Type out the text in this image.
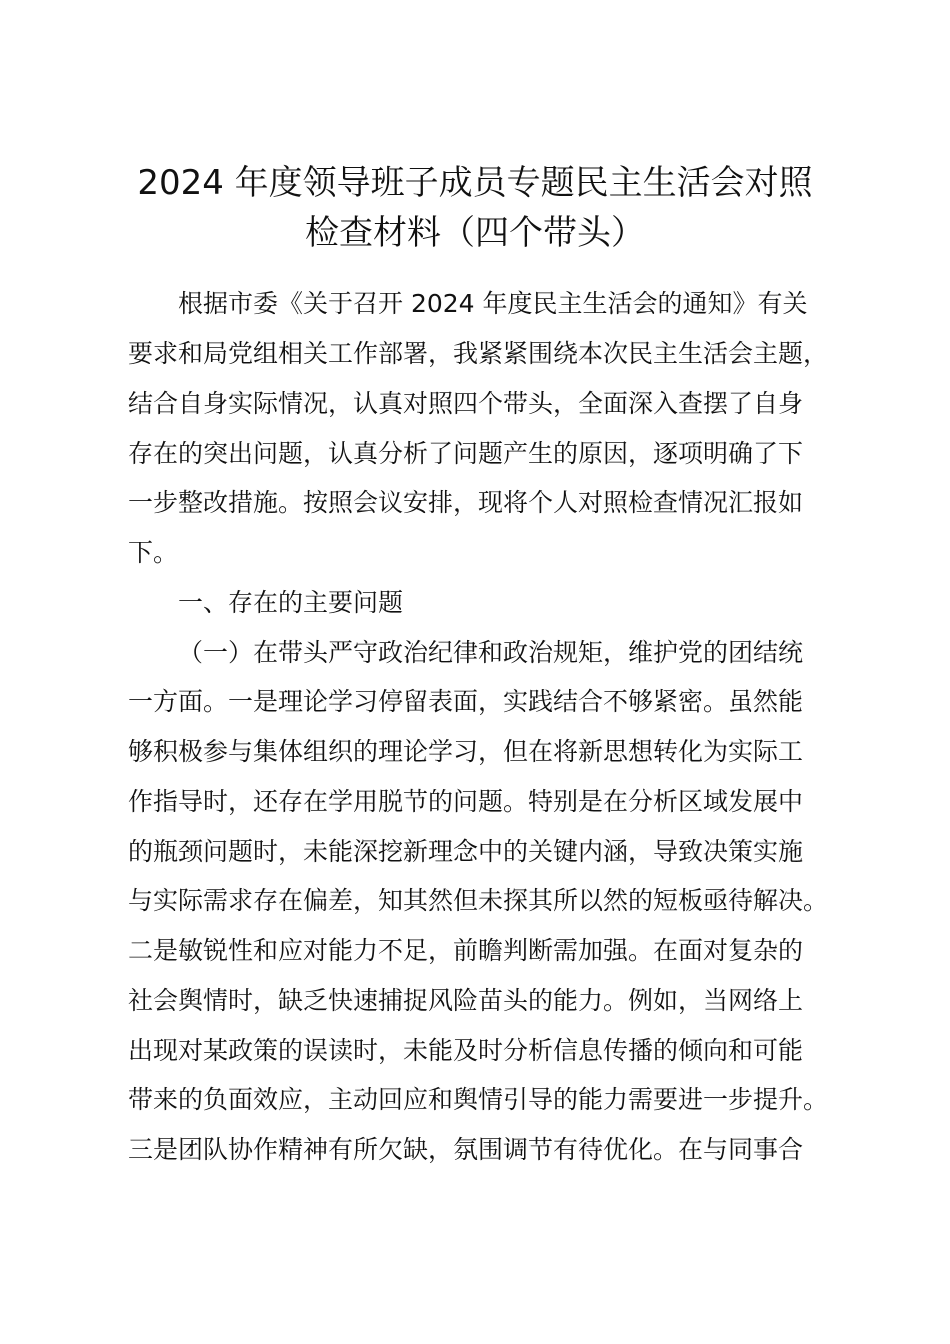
2024 年度领导班子成员专题民主生活会对照
检查材料（四个带头）
根据市委《关于召开 2024 年度民主生活会的通知》有关
要求和局党组相关工作部署，我紧紧围绕本次民主生活会主题，
结合自身实际情况，认真对照四个带头，全面深入查摆了自身
存在的突出问题，认真分析了问题产生的原因，逐项明确了下
一步整改措施。按照会议安排，现将个人对照检查情况汇报如
下。
一、存在的主要问题
（一）在带头严守政治纪律和政治规矩，维护党的团结统
一方面。一是理论学习停留表面，实践结合不够紧密。虽然能
够积极参与集体组织的理论学习，但在将新思想转化为实际工
作指导时，还存在学用脱节的问题。特别是在分析区域发展中
的瓶颈问题时，未能深挖新理念中的关键内涵，导致决策实施
与实际需求存在偏差，知其然但未探其所以然的短板亟待解决。
二是敏锐性和应对能力不足，前瞻判断需加强。在面对复杂的
社会舆情时，缺乏快速捕捉风险苗头的能力。例如，当网络上
出现对某政策的误读时，未能及时分析信息传播的倾向和可能
带来的负面效应，主动回应和舆情引导的能力需要进一步提升。
三是团队协作精神有所欠缺，氛围调节有待优化。在与同事合
